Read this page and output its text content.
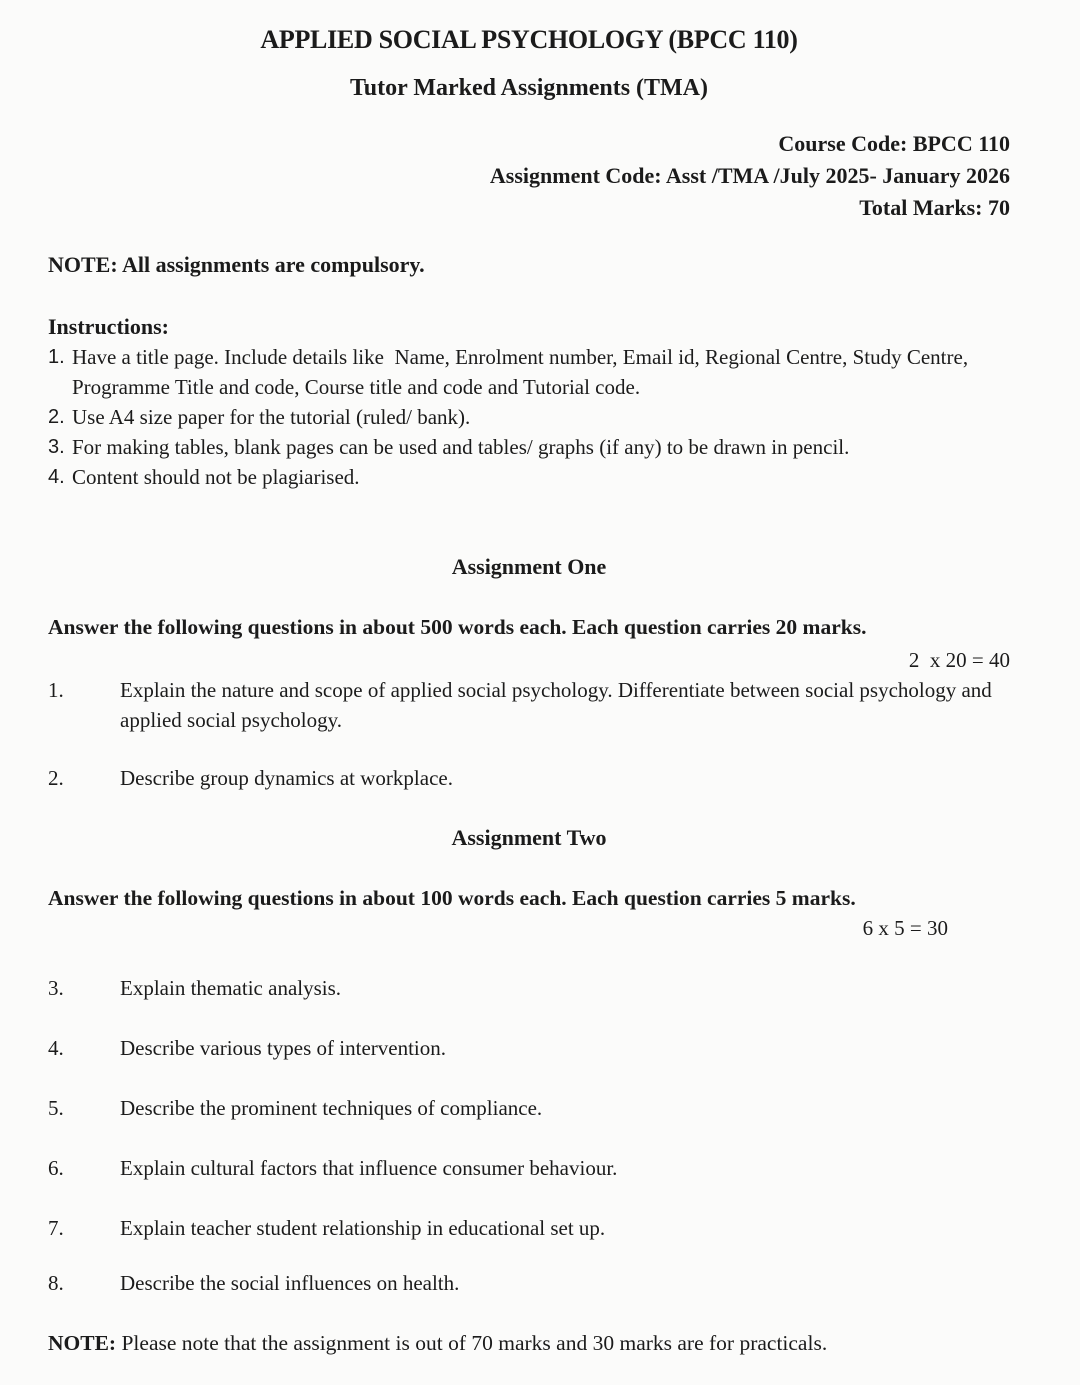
APPLIED SOCIAL PSYCHOLOGY (BPCC 110)
Tutor Marked Assignments (TMA)
Course Code: BPCC 110
Assignment Code: Asst /TMA /July 2025- January 2026
Total Marks: 70
NOTE: All assignments are compulsory.
Instructions:
1. Have a title page. Include details like  Name, Enrolment number, Email id, Regional Centre, Study Centre, Programme Title and code, Course title and code and Tutorial code.
2. Use A4 size paper for the tutorial (ruled/ bank).
3. For making tables, blank pages can be used and tables/ graphs (if any) to be drawn in pencil.
4. Content should not be plagiarised.
Assignment One
Answer the following questions in about 500 words each. Each question carries 20 marks.
2  x 20 = 40
1.	Explain the nature and scope of applied social psychology. Differentiate between social psychology and applied social psychology.
2.	Describe group dynamics at workplace.
Assignment Two
Answer the following questions in about 100 words each. Each question carries 5 marks.
6 x 5 = 30
3.	Explain thematic analysis.
4.	Describe various types of intervention.
5.	Describe the prominent techniques of compliance.
6.	Explain cultural factors that influence consumer behaviour.
7.	Explain teacher student relationship in educational set up.
8.	Describe the social influences on health.
NOTE: Please note that the assignment is out of 70 marks and 30 marks are for practicals.
